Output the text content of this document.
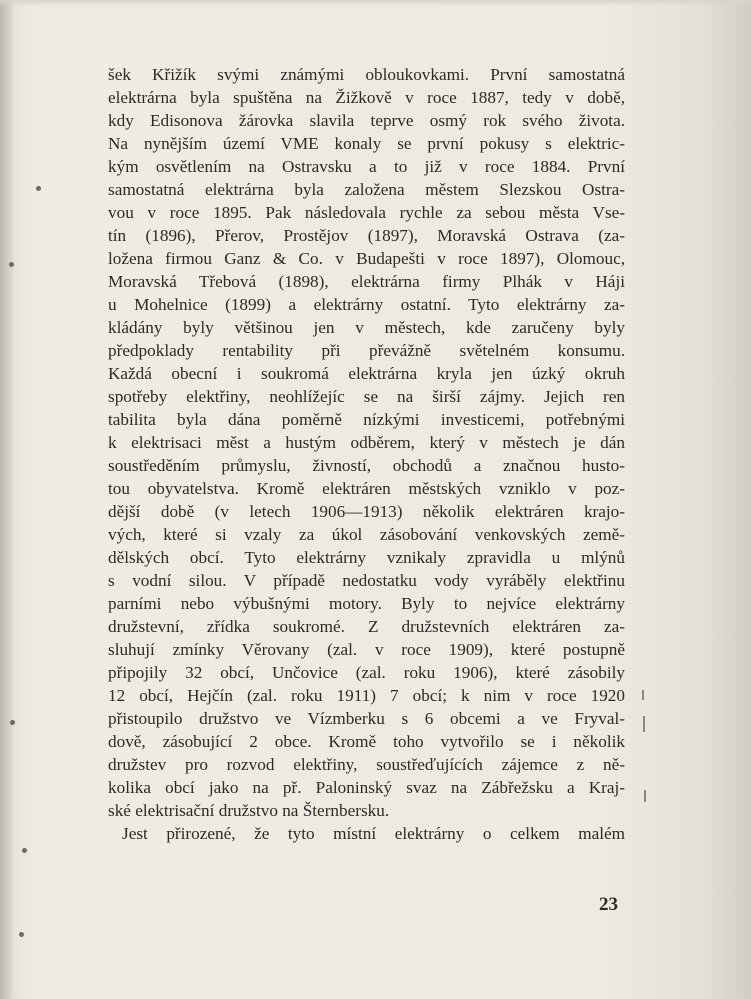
šek Křižík svými známými obloukovkami. První samostatná
elektrárna byla spuštěna na Žižkově v roce 1887, tedy v době,
kdy Edisonova žárovka slavila teprve osmý rok svého života.
Na nynějším území VME konaly se první pokusy s elektric-
kým osvětlením na Ostravsku a to již v roce 1884. První
samostatná elektrárna byla založena městem Slezskou Ostra-
vou v roce 1895. Pak následovala rychle za sebou města Vse-
tín (1896), Přerov, Prostějov (1897), Moravská Ostrava (za-
ložena firmou Ganz & Co. v Budapešti v roce 1897), Olomouc,
Moravská Třebová (1898), elektrárna firmy Plhák v Háji
u Mohelnice (1899) a elektrárny ostatní. Tyto elektrárny za-
kládány byly většinou jen v městech, kde zaručeny byly
předpoklady rentability při převážně světelném konsumu.
Každá obecní i soukromá elektrárna kryla jen úzký okruh
spotřeby elektřiny, neohlížejíc se na širší zájmy. Jejich ren
tabilita byla dána poměrně nízkými investicemi, potřebnými
k elektrisaci měst a hustým odběrem, který v městech je dán
soustředěním průmyslu, živností, obchodů a značnou husto-
tou obyvatelstva. Kromě elektráren městských vzniklo v poz-
dější době (v letech 1906—1913) několik elektráren krajo-
vých, které si vzaly za úkol zásobování venkovských země-
dělských obcí. Tyto elektrárny vznikaly zpravidla u mlýnů
s vodní silou. V případě nedostatku vody vyráběly elektřinu
parními nebo výbušnými motory. Byly to nejvíce elektrárny
družstevní, zřídka soukromé. Z družstevních elektráren za-
sluhují zmínky Věrovany (zal. v roce 1909), které postupně
připojily 32 obcí, Unčovice (zal. roku 1906), které zásobily
12 obcí, Hejčín (zal. roku 1911) 7 obcí; k nim v roce 1920
přistoupilo družstvo ve Vízmberku s 6 obcemi a ve Fryval-
dově, zásobující 2 obce. Kromě toho vytvořilo se i několik
družstev pro rozvod elektřiny, soustřeďujících zájemce z ně-
kolika obcí jako na př. Paloninský svaz na Zábřežsku a Kraj-
ské elektrisační družstvo na Šternbersku.
Jest přirozené, že tyto místní elektrárny o celkem malém
23
